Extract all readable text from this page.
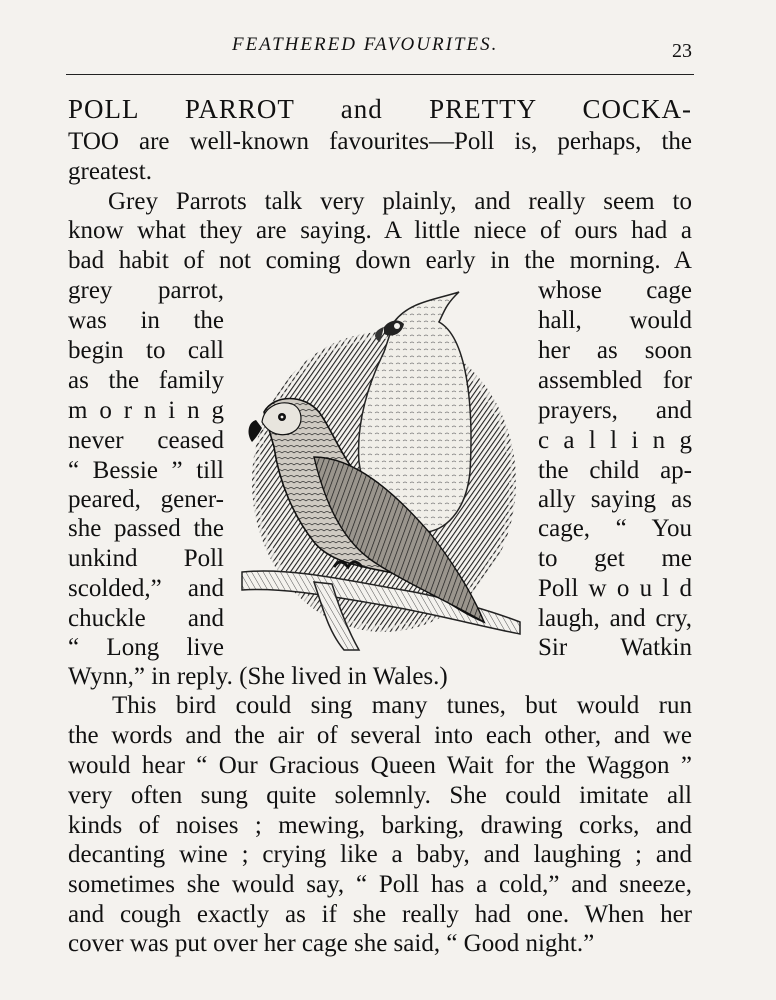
FEATHERED FAVOURITES.	23
POLL PARROT and PRETTY COCKA-
TOO are well-known favourites—Poll is, perhaps, the
greatest.
Grey Parrots talk very plainly, and really seem to
know what they are saying. A little niece of ours had a
bad habit of not coming down early in the morning. A
grey parrot,
was in the
begin to call
as the family
m o r n i n g
never ceased
“ Bessie ” till
peared, gener-
she passed the
unkind Poll
scolded,” and
chuckle and
“ Long live
whose cage
hall, would
her as soon
assembled for
prayers, and
c a l l i n g
the child ap-
ally saying as
cage, “ You
to get me
Poll w o u l d
laugh, and cry,
Sir Watkin
Wynn,” in reply. (She lived in Wales.)
This bird could sing many tunes, but would run
the words and the air of several into each other, and we
would hear “ Our Gracious Queen Wait for the Waggon ”
very often sung quite solemnly. She could imitate all
kinds of noises ; mewing, barking, drawing corks, and
decanting wine ; crying like a baby, and laughing ; and
sometimes she would say, “ Poll has a cold,” and sneeze,
and cough exactly as if she really had one. When her
cover was put over her cage she said, “ Good night.”
